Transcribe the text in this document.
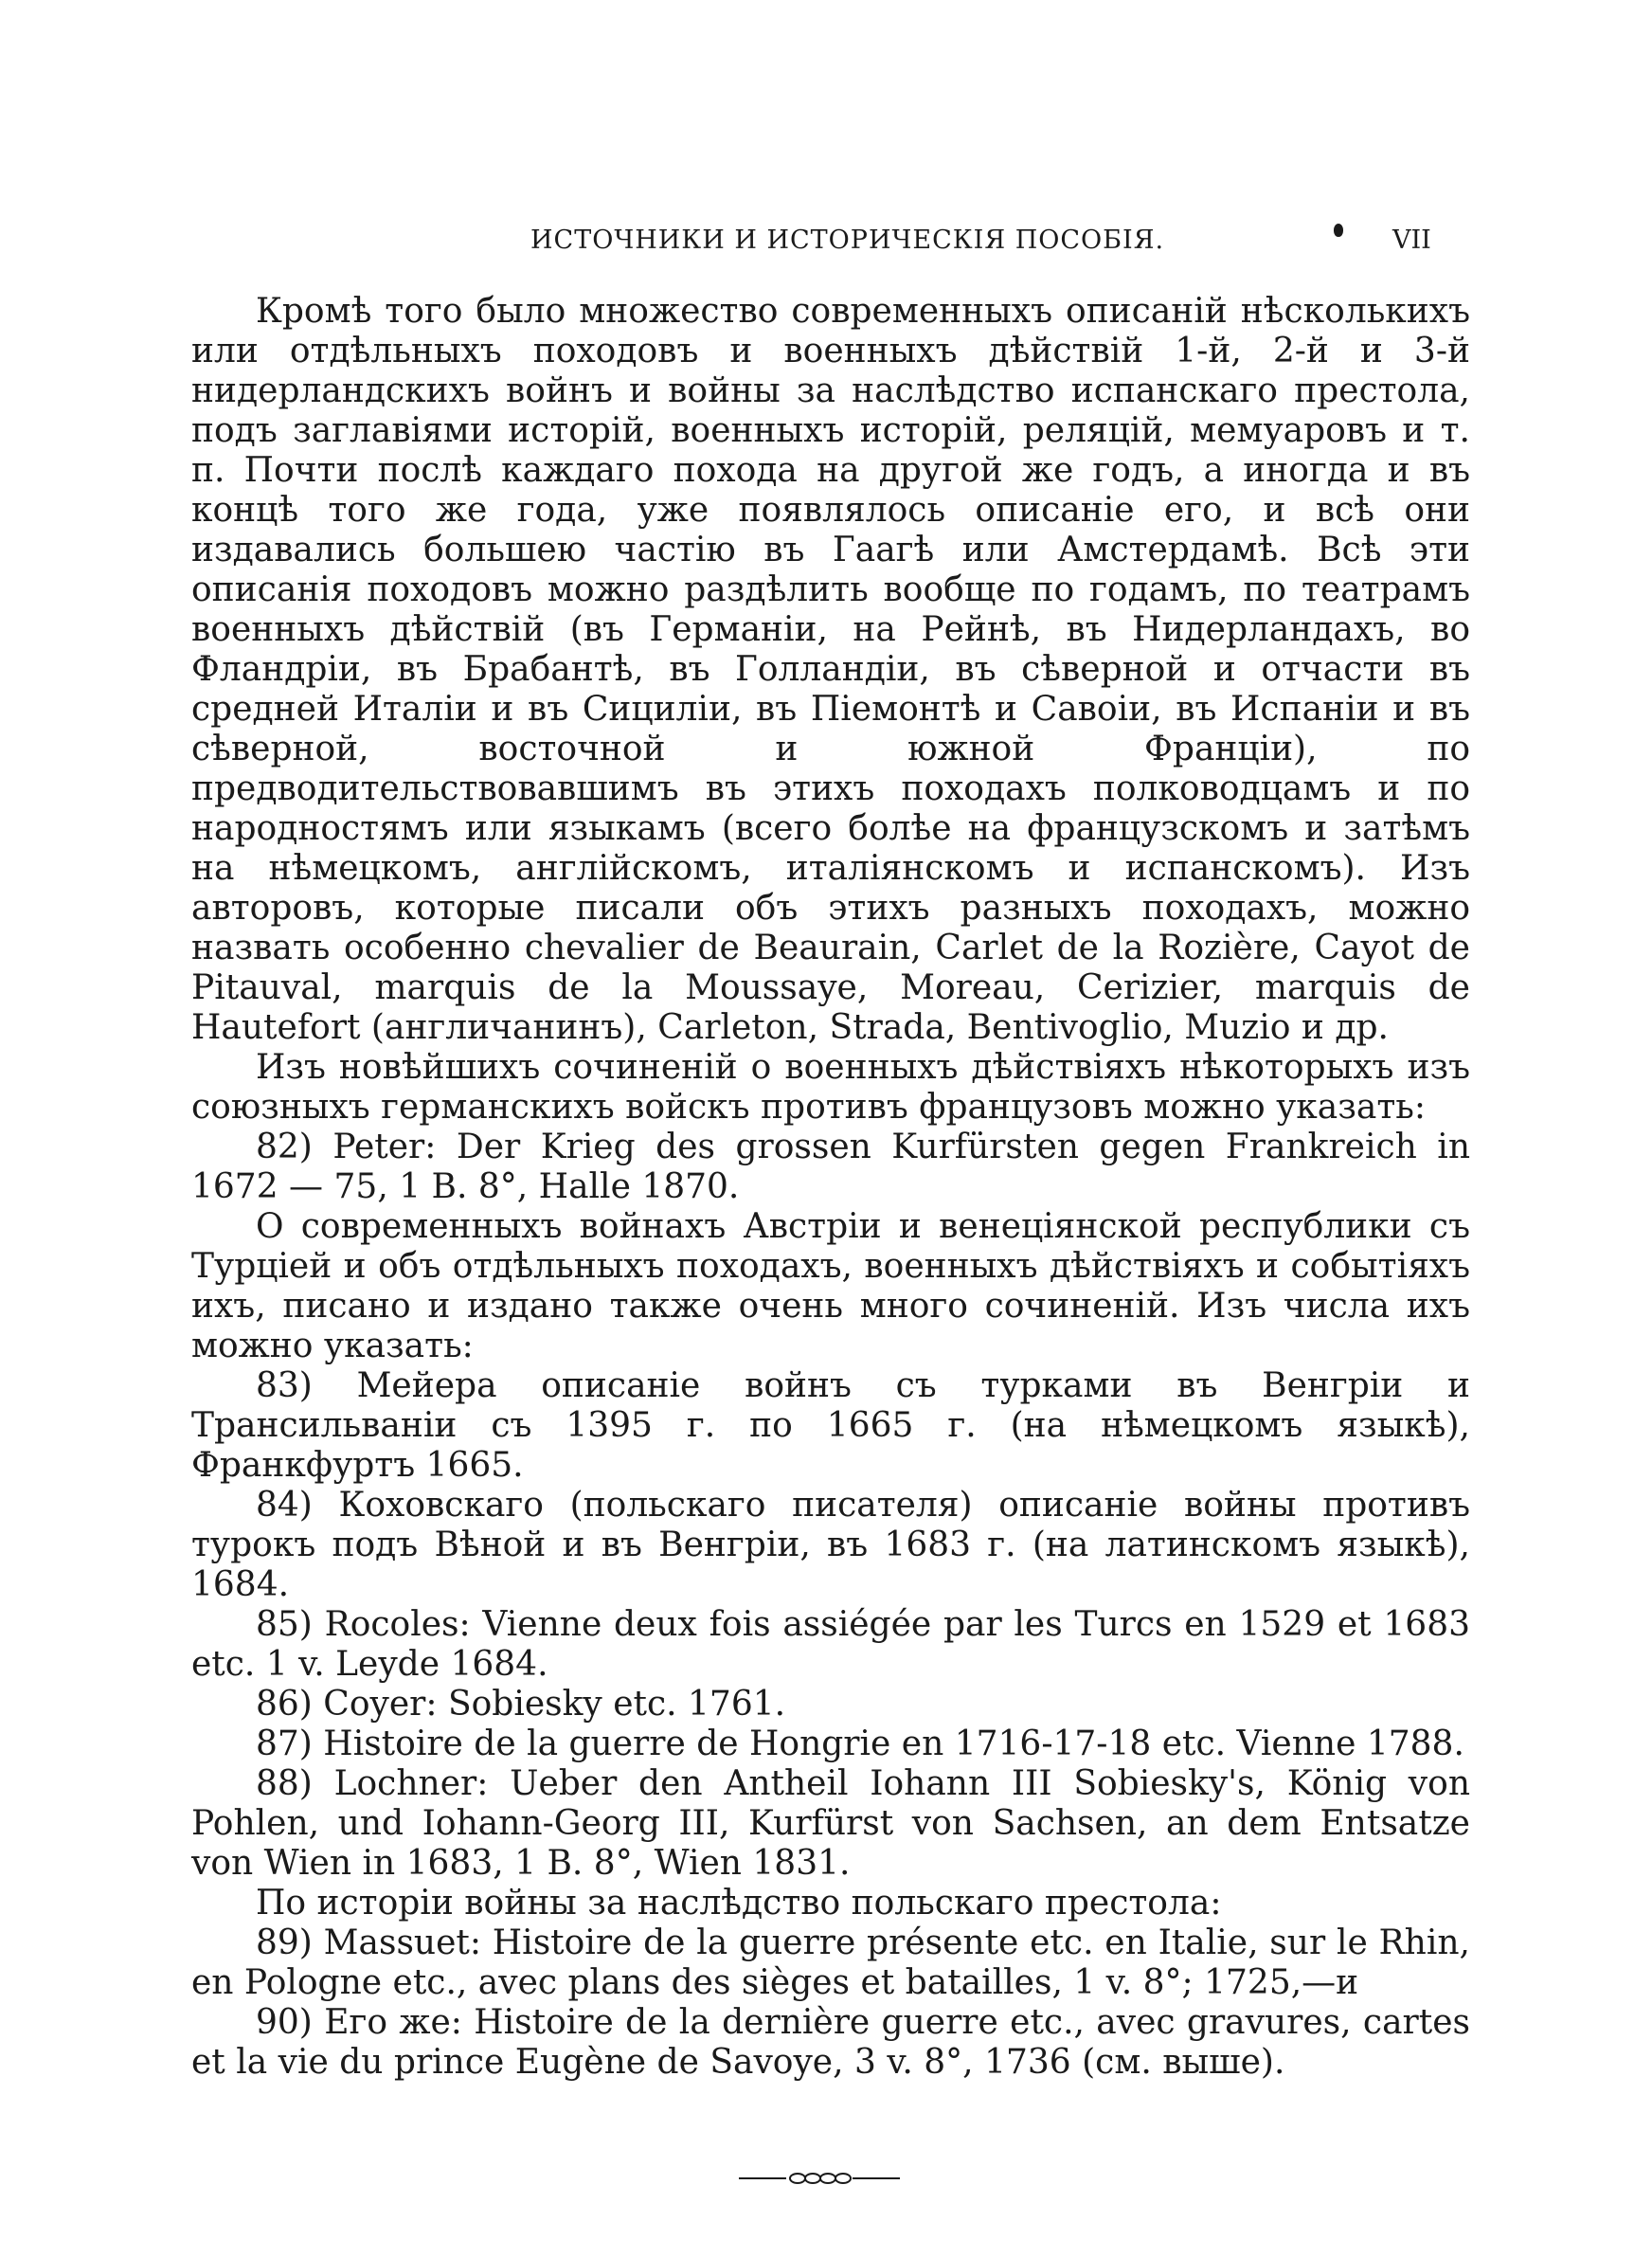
ИСТОЧНИКИ И ИСТОРИЧЕСКІЯ ПОСОБІЯ.	VII

Кромѣ того было множество современныхъ описаній нѣсколькихъ или отдѣльныхъ походовъ и военныхъ дѣйствій 1-й, 2-й и 3-й нидерландскихъ войнъ и войны за наслѣдство испанскаго престола, подъ заглавіями исторій, военныхъ исторій, реляцій, мемуаровъ и т. п. Почти послѣ каждаго похода на другой же годъ, а иногда и въ концѣ того же года, уже появлялось описаніе его, и всѣ они издавались большею частію въ Гаагѣ или Амстердамѣ. Всѣ эти описанія походовъ можно раздѣлить вообще по годамъ, по театрамъ военныхъ дѣйствій (въ Германіи, на Рейнѣ, въ Нидерландахъ, во Фландріи, въ Брабантѣ, въ Голландіи, въ сѣверной и отчасти въ средней Италіи и въ Сициліи, въ Піемонтѣ и Савоіи, въ Испаніи и въ сѣверной, восточной и южной Франціи), по предводительствовавшимъ въ этихъ походахъ полководцамъ и по народностямъ или языкамъ (всего болѣе на французскомъ и затѣмъ на нѣмецкомъ, англійскомъ, италіянскомъ и испанскомъ). Изъ авторовъ, которые писали объ этихъ разныхъ походахъ, можно назвать особенно chevalier de Beaurain, Carlet de la Rozière, Cayot de Pitauval, marquis de la Moussaye, Moreau, Cerizier, marquis de Hautefort (англичанинъ), Carleton, Strada, Bentivoglio, Muzio и др.

Изъ новѣйшихъ сочиненій о военныхъ дѣйствіяхъ нѣкоторыхъ изъ союзныхъ германскихъ войскъ противъ французовъ можно указать:

82) Peter: Der Krieg des grossen Kurfürsten gegen Frankreich in 1672 — 75, 1 B. 8°, Halle 1870.

О современныхъ войнахъ Австріи и венеціянской республики съ Турціей и объ отдѣльныхъ походахъ, военныхъ дѣйствіяхъ и событіяхъ ихъ, писано и издано также очень много сочиненій. Изъ числа ихъ можно указать:

83) Мейера описаніе войнъ съ турками въ Венгріи и Трансильваніи съ 1395 г. по 1665 г. (на нѣмецкомъ языкѣ), Франкфуртъ 1665.

84) Коховскаго (польскаго писателя) описаніе войны противъ турокъ подъ Вѣной и въ Венгріи, въ 1683 г. (на латинскомъ языкѣ), 1684.

85) Rocoles: Vienne deux fois assiégée par les Turcs en 1529 et 1683 etc. 1 v. Leyde 1684.

86) Coyer: Sobiesky etc. 1761.

87) Histoire de la guerre de Hongrie en 1716-17-18 etc. Vienne 1788.

88) Lochner: Ueber den Antheil Iohann III Sobiesky's, König von Pohlen, und Iohann-Georg III, Kurfürst von Sachsen, an dem Entsatze von Wien in 1683, 1 B. 8°, Wien 1831.

По исторіи войны за наслѣдство польскаго престола:

89) Massuet: Histoire de la guerre présente etc. en Italie, sur le Rhin, en Pologne etc., avec plans des sièges et batailles, 1 v. 8°; 1725,—и

90) Его же: Histoire de la dernière guerre etc., avec gravures, cartes et la vie du prince Eugène de Savoye, 3 v. 8°, 1736 (см. выше).
